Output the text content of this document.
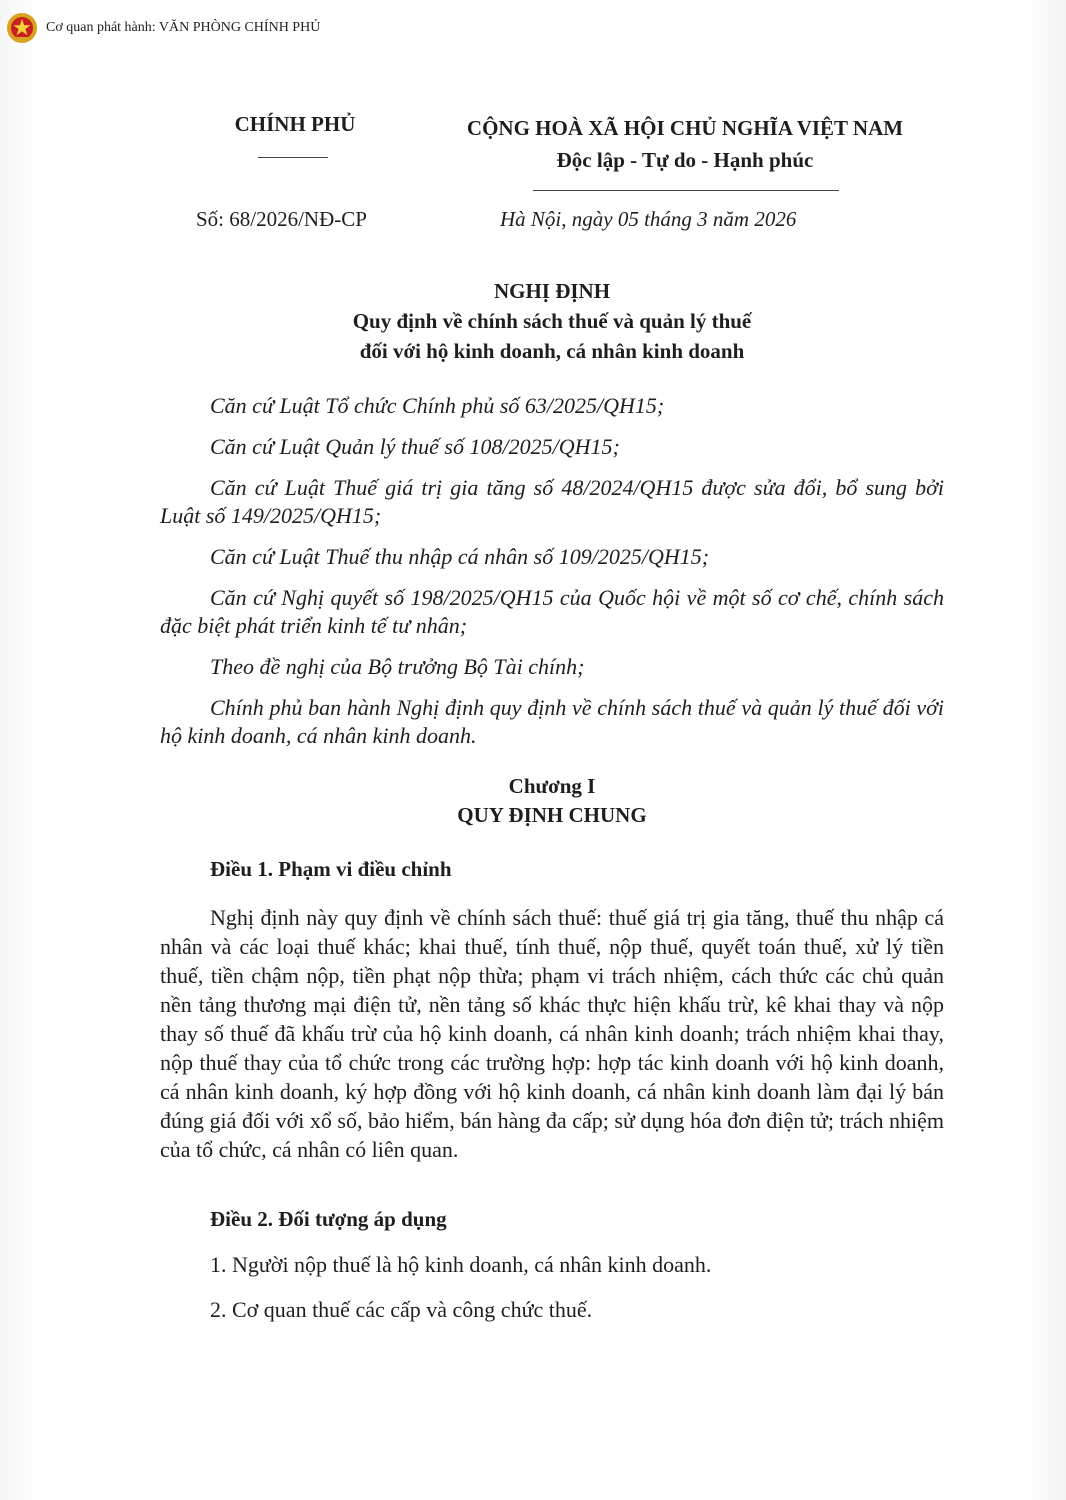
Cơ quan phát hành: VĂN PHÒNG CHÍNH PHỦ
CHÍNH PHỦ	CỘNG HOÀ XÃ HỘI CHỦ NGHĨA VIỆT NAM
Độc lập - Tự do - Hạnh phúc
Số: 68/2026/NĐ-CP	Hà Nội, ngày 05 tháng 3 năm 2026
NGHỊ ĐỊNH
Quy định về chính sách thuế và quản lý thuế
đối với hộ kinh doanh, cá nhân kinh doanh

Căn cứ Luật Tổ chức Chính phủ số 63/2025/QH15;

Căn cứ Luật Quản lý thuế số 108/2025/QH15;

Căn cứ Luật Thuế giá trị gia tăng số 48/2024/QH15 được sửa đổi, bổ sung bởi Luật số 149/2025/QH15;

Căn cứ Luật Thuế thu nhập cá nhân số 109/2025/QH15;

Căn cứ Nghị quyết số 198/2025/QH15 của Quốc hội về một số cơ chế, chính sách đặc biệt phát triển kinh tế tư nhân;

Theo đề nghị của Bộ trưởng Bộ Tài chính;

Chính phủ ban hành Nghị định quy định về chính sách thuế và quản lý thuế đối với hộ kinh doanh, cá nhân kinh doanh.

Chương I
QUY ĐỊNH CHUNG
Điều 1. Phạm vi điều chỉnh
Nghị định này quy định về chính sách thuế: thuế giá trị gia tăng, thuế thu nhập cá nhân và các loại thuế khác; khai thuế, tính thuế, nộp thuế, quyết toán thuế, xử lý tiền thuế, tiền chậm nộp, tiền phạt nộp thừa; phạm vi trách nhiệm, cách thức các chủ quản nền tảng thương mại điện tử, nền tảng số khác thực hiện khấu trừ, kê khai thay và nộp thay số thuế đã khấu trừ của hộ kinh doanh, cá nhân kinh doanh; trách nhiệm khai thay, nộp thuế thay của tổ chức trong các trường hợp: hợp tác kinh doanh với hộ kinh doanh, cá nhân kinh doanh, ký hợp đồng với hộ kinh doanh, cá nhân kinh doanh làm đại lý bán đúng giá đối với xổ số, bảo hiểm, bán hàng đa cấp; sử dụng hóa đơn điện tử; trách nhiệm của tổ chức, cá nhân có liên quan.
Điều 2. Đối tượng áp dụng
1. Người nộp thuế là hộ kinh doanh, cá nhân kinh doanh.
2. Cơ quan thuế các cấp và công chức thuế.
